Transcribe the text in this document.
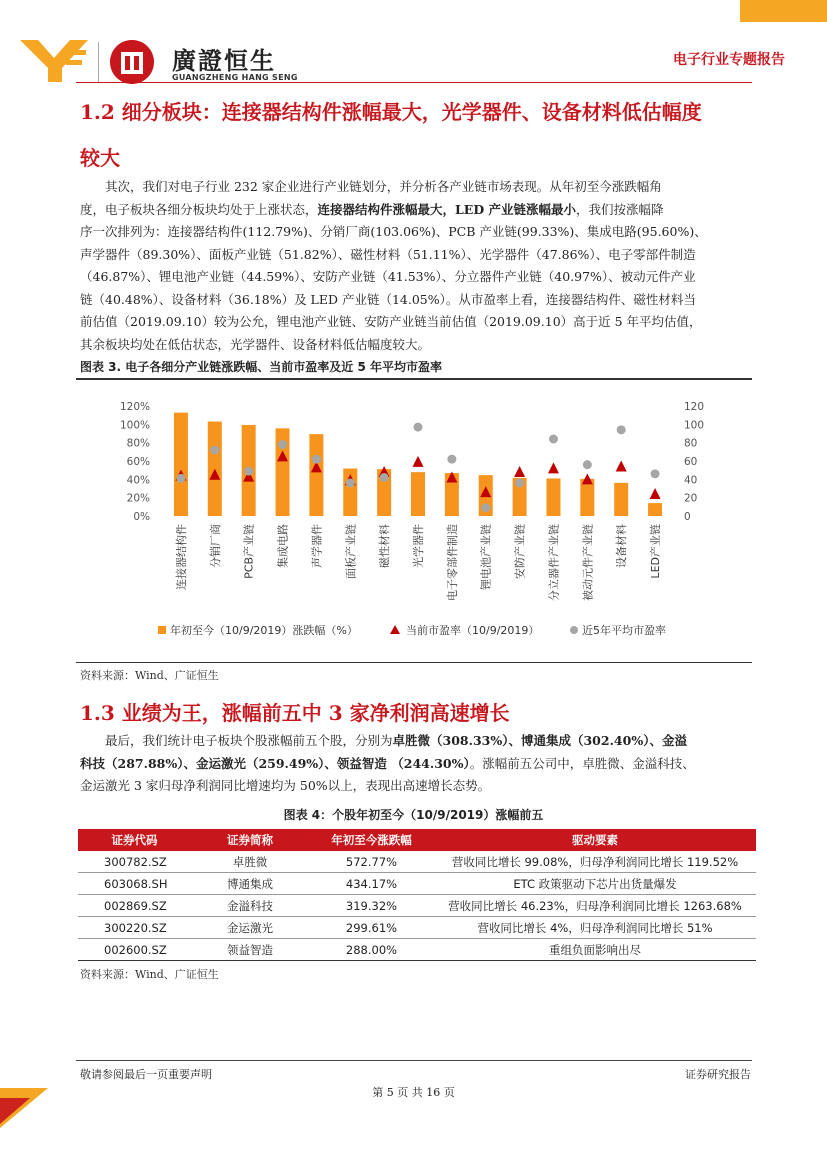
廣證恒生
GUANGZHENG HANG SENG
电子行业专题报告
1.2 细分板块：连接器结构件涨幅最大，光学器件、设备材料低估幅度
较大
　　其次，我们对电子行业 232 家企业进行产业链划分，并分析各产业链市场表现。从年初至今涨跌幅角
度，电子板块各细分板块均处于上涨状态，连接器结构件涨幅最大，LED 产业链涨幅最小，我们按涨幅降
序一次排列为：连接器结构件(112.79%)、分销厂商(103.06%)、PCB 产业链(99.33%)、集成电路(95.60%)、
声学器件（89.30%）、面板产业链（51.82%）、磁性材料（51.11%）、光学器件（47.86%）、电子零部件制造
（46.87%）、锂电池产业链（44.59%）、安防产业链（41.53%）、分立器件产业链（40.97%）、被动元件产业
链（40.48%）、设备材料（36.18%）及 LED 产业链（14.05%）。从市盈率上看，连接器结构件、磁性材料当
前估值（2019.09.10）较为公允，锂电池产业链、安防产业链当前估值（2019.09.10）高于近 5 年平均估值，
其余板块均处在低估状态，光学器件、设备材料低估幅度较大。
图表 3. 电子各细分产业链涨跌幅、当前市盈率及近 5 年平均市盈率
0%
20%
40%
60%
80%
100%
120%
0
20
40
60
80
100
120
连接器结构件 分销厂商 PCB产业链 集成电路 声学器件 面板产业链 磁性材料 光学器件 电子零部件制造 锂电池产业链 安防产业链 分立器件产业链 被动元件产业链 设备材料 LED产业链
年初至今（10/9/2019）涨跌幅（%）	当前市盈率（10/9/2019）	近5年平均市盈率
资料来源：Wind、广证恒生
1.3 业绩为王，涨幅前五中 3 家净利润高速增长
　　最后，我们统计电子板块个股涨幅前五个股，分别为卓胜微（308.33%）、博通集成（302.40%）、金溢
科技（287.88%）、金运激光（259.49%）、领益智造 （244.30%）。涨幅前五公司中，卓胜微、金溢科技、
金运激光 3 家归母净利润同比增速均为 50%以上，表现出高速增长态势。
图表 4：个股年初至今（10/9/2019）涨幅前五
证券代码	证券简称	年初至今涨跌幅	驱动要素
300782.SZ	卓胜微	572.77%	营收同比增长 99.08%，归母净利润同比增长 119.52%
603068.SH	博通集成	434.17%	ETC 政策驱动下芯片出货量爆发
002869.SZ	金溢科技	319.32%	营收同比增长 46.23%，归母净利润同比增长 1263.68%
300220.SZ	金运激光	299.61%	营收同比增长 4%，归母净利润同比增长 51%
002600.SZ	领益智造	288.00%	重组负面影响出尽
资料来源：Wind、广证恒生
敬请参阅最后一页重要声明	证券研究报告
第 5 页 共 16 页
